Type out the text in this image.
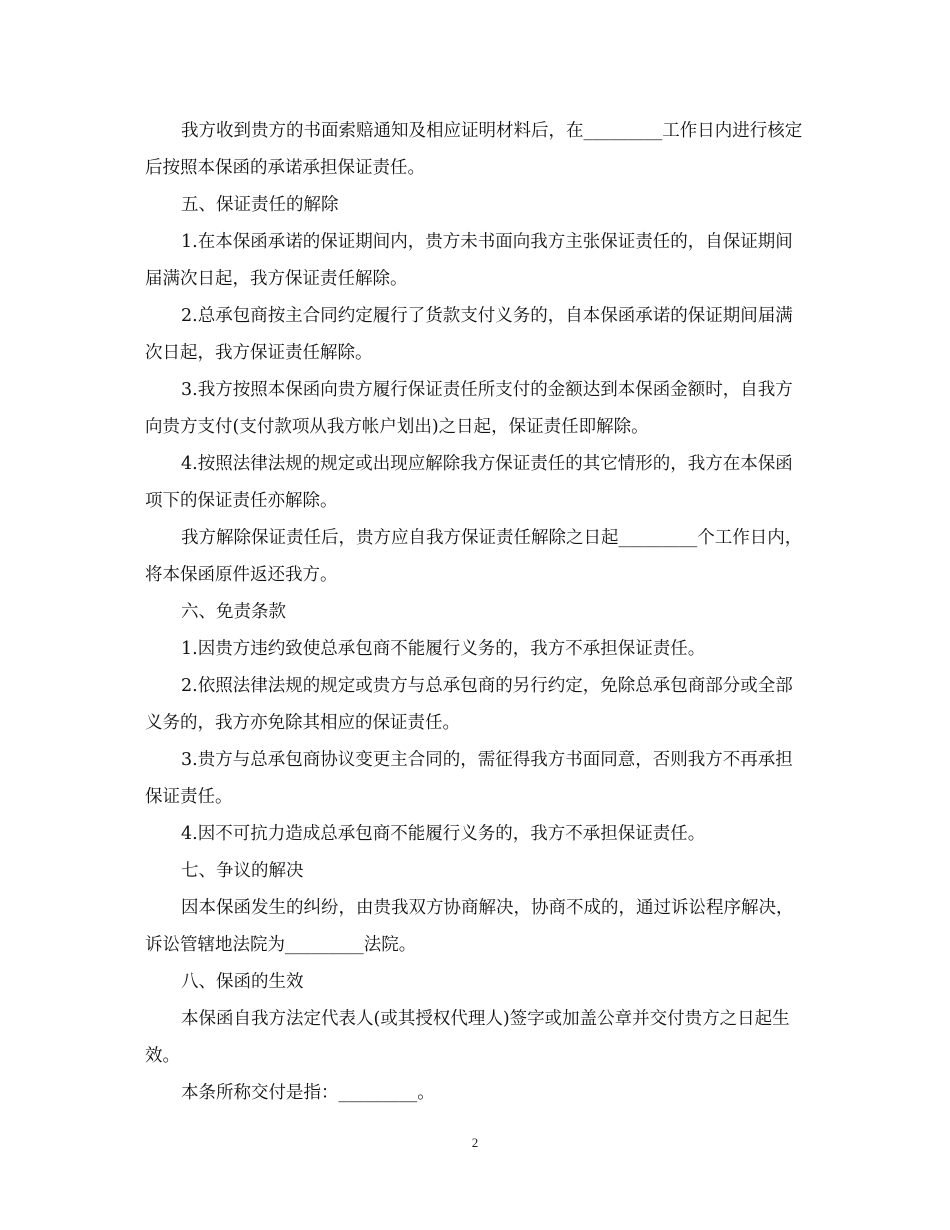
我方收到贵方的书面索赔通知及相应证明材料后，在_________工作日内进行核定后按照本保函的承诺承担保证责任。

五、保证责任的解除

1.在本保函承诺的保证期间内，贵方未书面向我方主张保证责任的，自保证期间届满次日起，我方保证责任解除。

2.总承包商按主合同约定履行了货款支付义务的，自本保函承诺的保证期间届满次日起，我方保证责任解除。

3.我方按照本保函向贵方履行保证责任所支付的金额达到本保函金额时，自我方向贵方支付(支付款项从我方帐户划出)之日起，保证责任即解除。

4.按照法律法规的规定或出现应解除我方保证责任的其它情形的，我方在本保函项下的保证责任亦解除。

我方解除保证责任后，贵方应自我方保证责任解除之日起_________个工作日内，将本保函原件返还我方。

六、免责条款

1.因贵方违约致使总承包商不能履行义务的，我方不承担保证责任。

2.依照法律法规的规定或贵方与总承包商的另行约定，免除总承包商部分或全部义务的，我方亦免除其相应的保证责任。

3.贵方与总承包商协议变更主合同的，需征得我方书面同意，否则我方不再承担保证责任。

4.因不可抗力造成总承包商不能履行义务的，我方不承担保证责任。

七、争议的解决

因本保函发生的纠纷，由贵我双方协商解决，协商不成的，通过诉讼程序解决，诉讼管辖地法院为_________法院。

八、保函的生效

本保函自我方法定代表人(或其授权代理人)签字或加盖公章并交付贵方之日起生效。

本条所称交付是指：_________。

2
